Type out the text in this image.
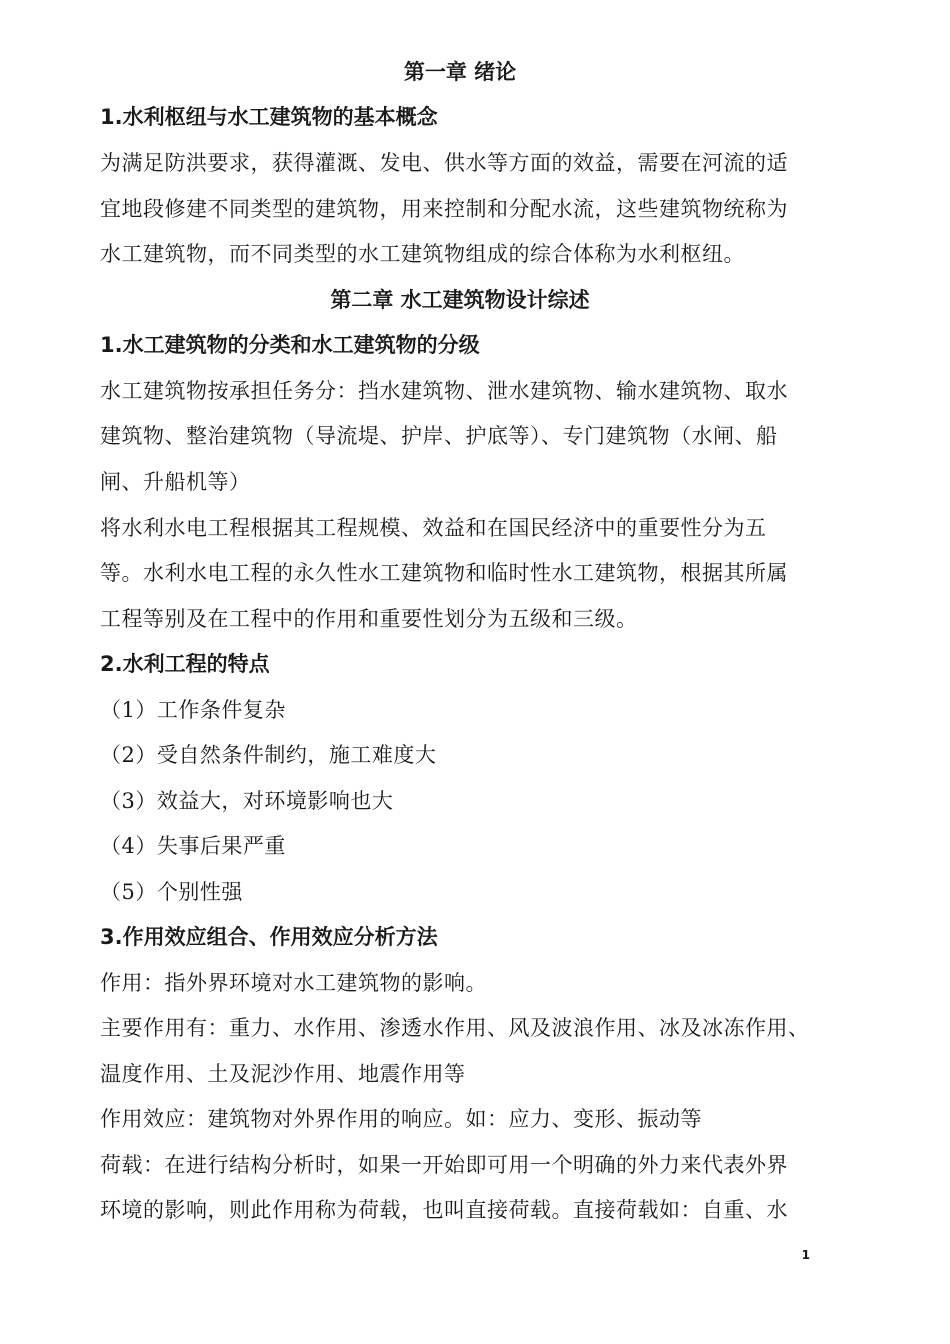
第一章 绪论
1.水利枢纽与水工建筑物的基本概念
为满足防洪要求，获得灌溉、发电、供水等方面的效益，需要在河流的适
宜地段修建不同类型的建筑物，用来控制和分配水流，这些建筑物统称为
水工建筑物，而不同类型的水工建筑物组成的综合体称为水利枢纽。
第二章 水工建筑物设计综述
1.水工建筑物的分类和水工建筑物的分级
水工建筑物按承担任务分：挡水建筑物、泄水建筑物、输水建筑物、取水
建筑物、整治建筑物（导流堤、护岸、护底等）、专门建筑物（水闸、船
闸、升船机等）
将水利水电工程根据其工程规模、效益和在国民经济中的重要性分为五
等。水利水电工程的永久性水工建筑物和临时性水工建筑物，根据其所属
工程等别及在工程中的作用和重要性划分为五级和三级。
2.水利工程的特点
（1）工作条件复杂
（2）受自然条件制约，施工难度大
（3）效益大，对环境影响也大
（4）失事后果严重
（5）个别性强
3.作用效应组合、作用效应分析方法
作用：指外界环境对水工建筑物的影响。
主要作用有：重力、水作用、渗透水作用、风及波浪作用、冰及冰冻作用、
温度作用、土及泥沙作用、地震作用等
作用效应：建筑物对外界作用的响应。如：应力、变形、振动等
荷载：在进行结构分析时，如果一开始即可用一个明确的外力来代表外界
环境的影响，则此作用称为荷载，也叫直接荷载。直接荷载如：自重、水
1
